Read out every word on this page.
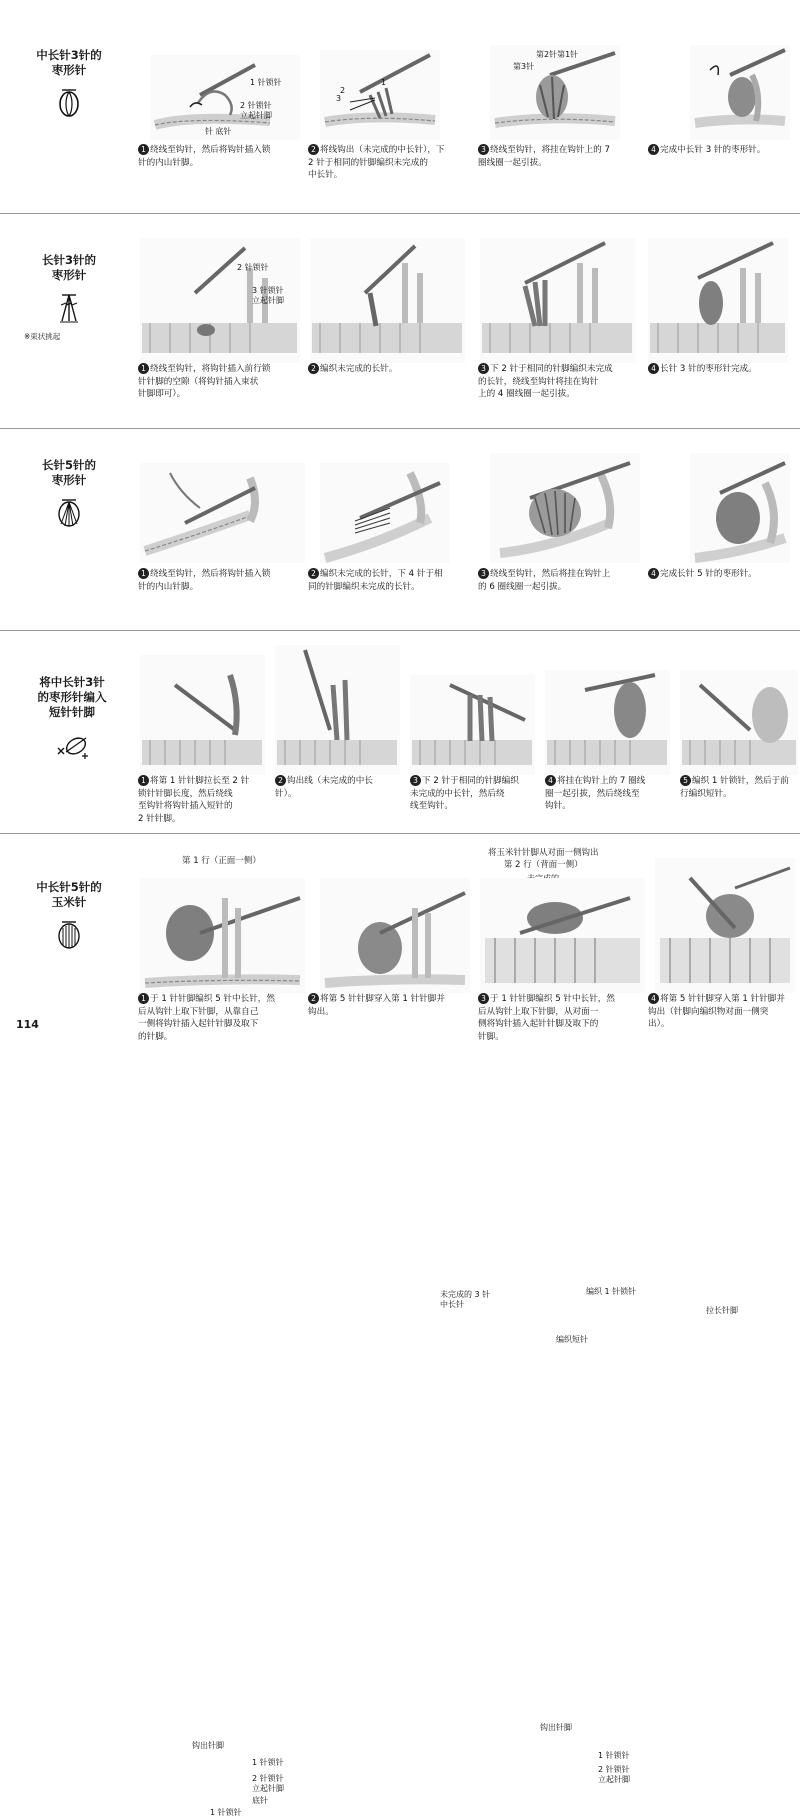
中长针3针的
枣形针
1 针锁针
2 针锁针
立起针脚
针 底针
1 绕线至钩针，然后将钩针插入锁
针的内山针脚。
1
2
3
2 将线钩出（未完成的中长针），下
2 针于相同的针脚编织未完成的
中长针。
第2针第1针
第3针
3 绕线至钩针，将挂在钩针上的 7
圈线圈一起引拔。
4 完成中长针 3 针的枣形针。
长针3针的
枣形针
※束状挑起
2 针锁针
3 针锁针
立起针脚
1 绕线至钩针，将钩针插入前行锁
针针脚的空隙（将钩针插入束状
针脚即可）。
2 编织未完成的长针。	3 下 2 针于相同的针脚编织未完成
的长针，绕线至钩针将挂在钩针
上的 4 圈线圈一起引拔。
4 长针 3 针的枣形针完成。
长针5针的
枣形针
1 绕线至钩针，然后将钩针插入锁
针的内山针脚。
2 编织未完成的长针，下 4 针于相
同的针脚编织未完成的长针。
3 绕线至钩针，然后将挂在钩针上
的 6 圈线圈一起引拔。
4 完成长针 5 针的枣形针。
将中长针3针
的枣形针编入
短针针脚
1 将第 1 针针脚拉长至 2 针
锁针针脚长度，然后绕线
至钩针将钩针插入短针的
2 针针脚。
2 钩出线（未完成的中长
针）。
未完成的 3 针
中长针
3 下 2 针于相同的针脚编织
未完成的中长针，然后绕
线至钩针。
编织 1 针锁针
编织短针
4 将挂在钩针上的 7 圈线
圈一起引拔，然后绕线至
钩针。
拉长针脚
5 编织 1 针锁针，然后于前
行编织短针。
中长针5针的
玉米针
第 1 行（正面一侧）
将玉米针针脚从对面一侧钩出
第 2 行（背面一侧）
钩出针脚
1 针锁针
2 针锁针
立起针脚
底针
1 针锁针
1 于 1 针针脚编织 5 针中长针，然
后从钩针上取下针脚，从靠自己
一侧将钩针插入起针针脚及取下
的针脚。
2 将第 5 针针脚穿入第 1 针针脚并
钩出。
钩出针脚
1 针锁针
2 针锁针
立起针脚
3 于 1 针针脚编织 5 针中长针，然
后从钩针上取下针脚，从对面一
侧将钩针插入起针针脚及取下的
针脚。
4 将第 5 针针脚穿入第 1 针针脚并
钩出（针脚向编织物对面一侧突
出）。
114
